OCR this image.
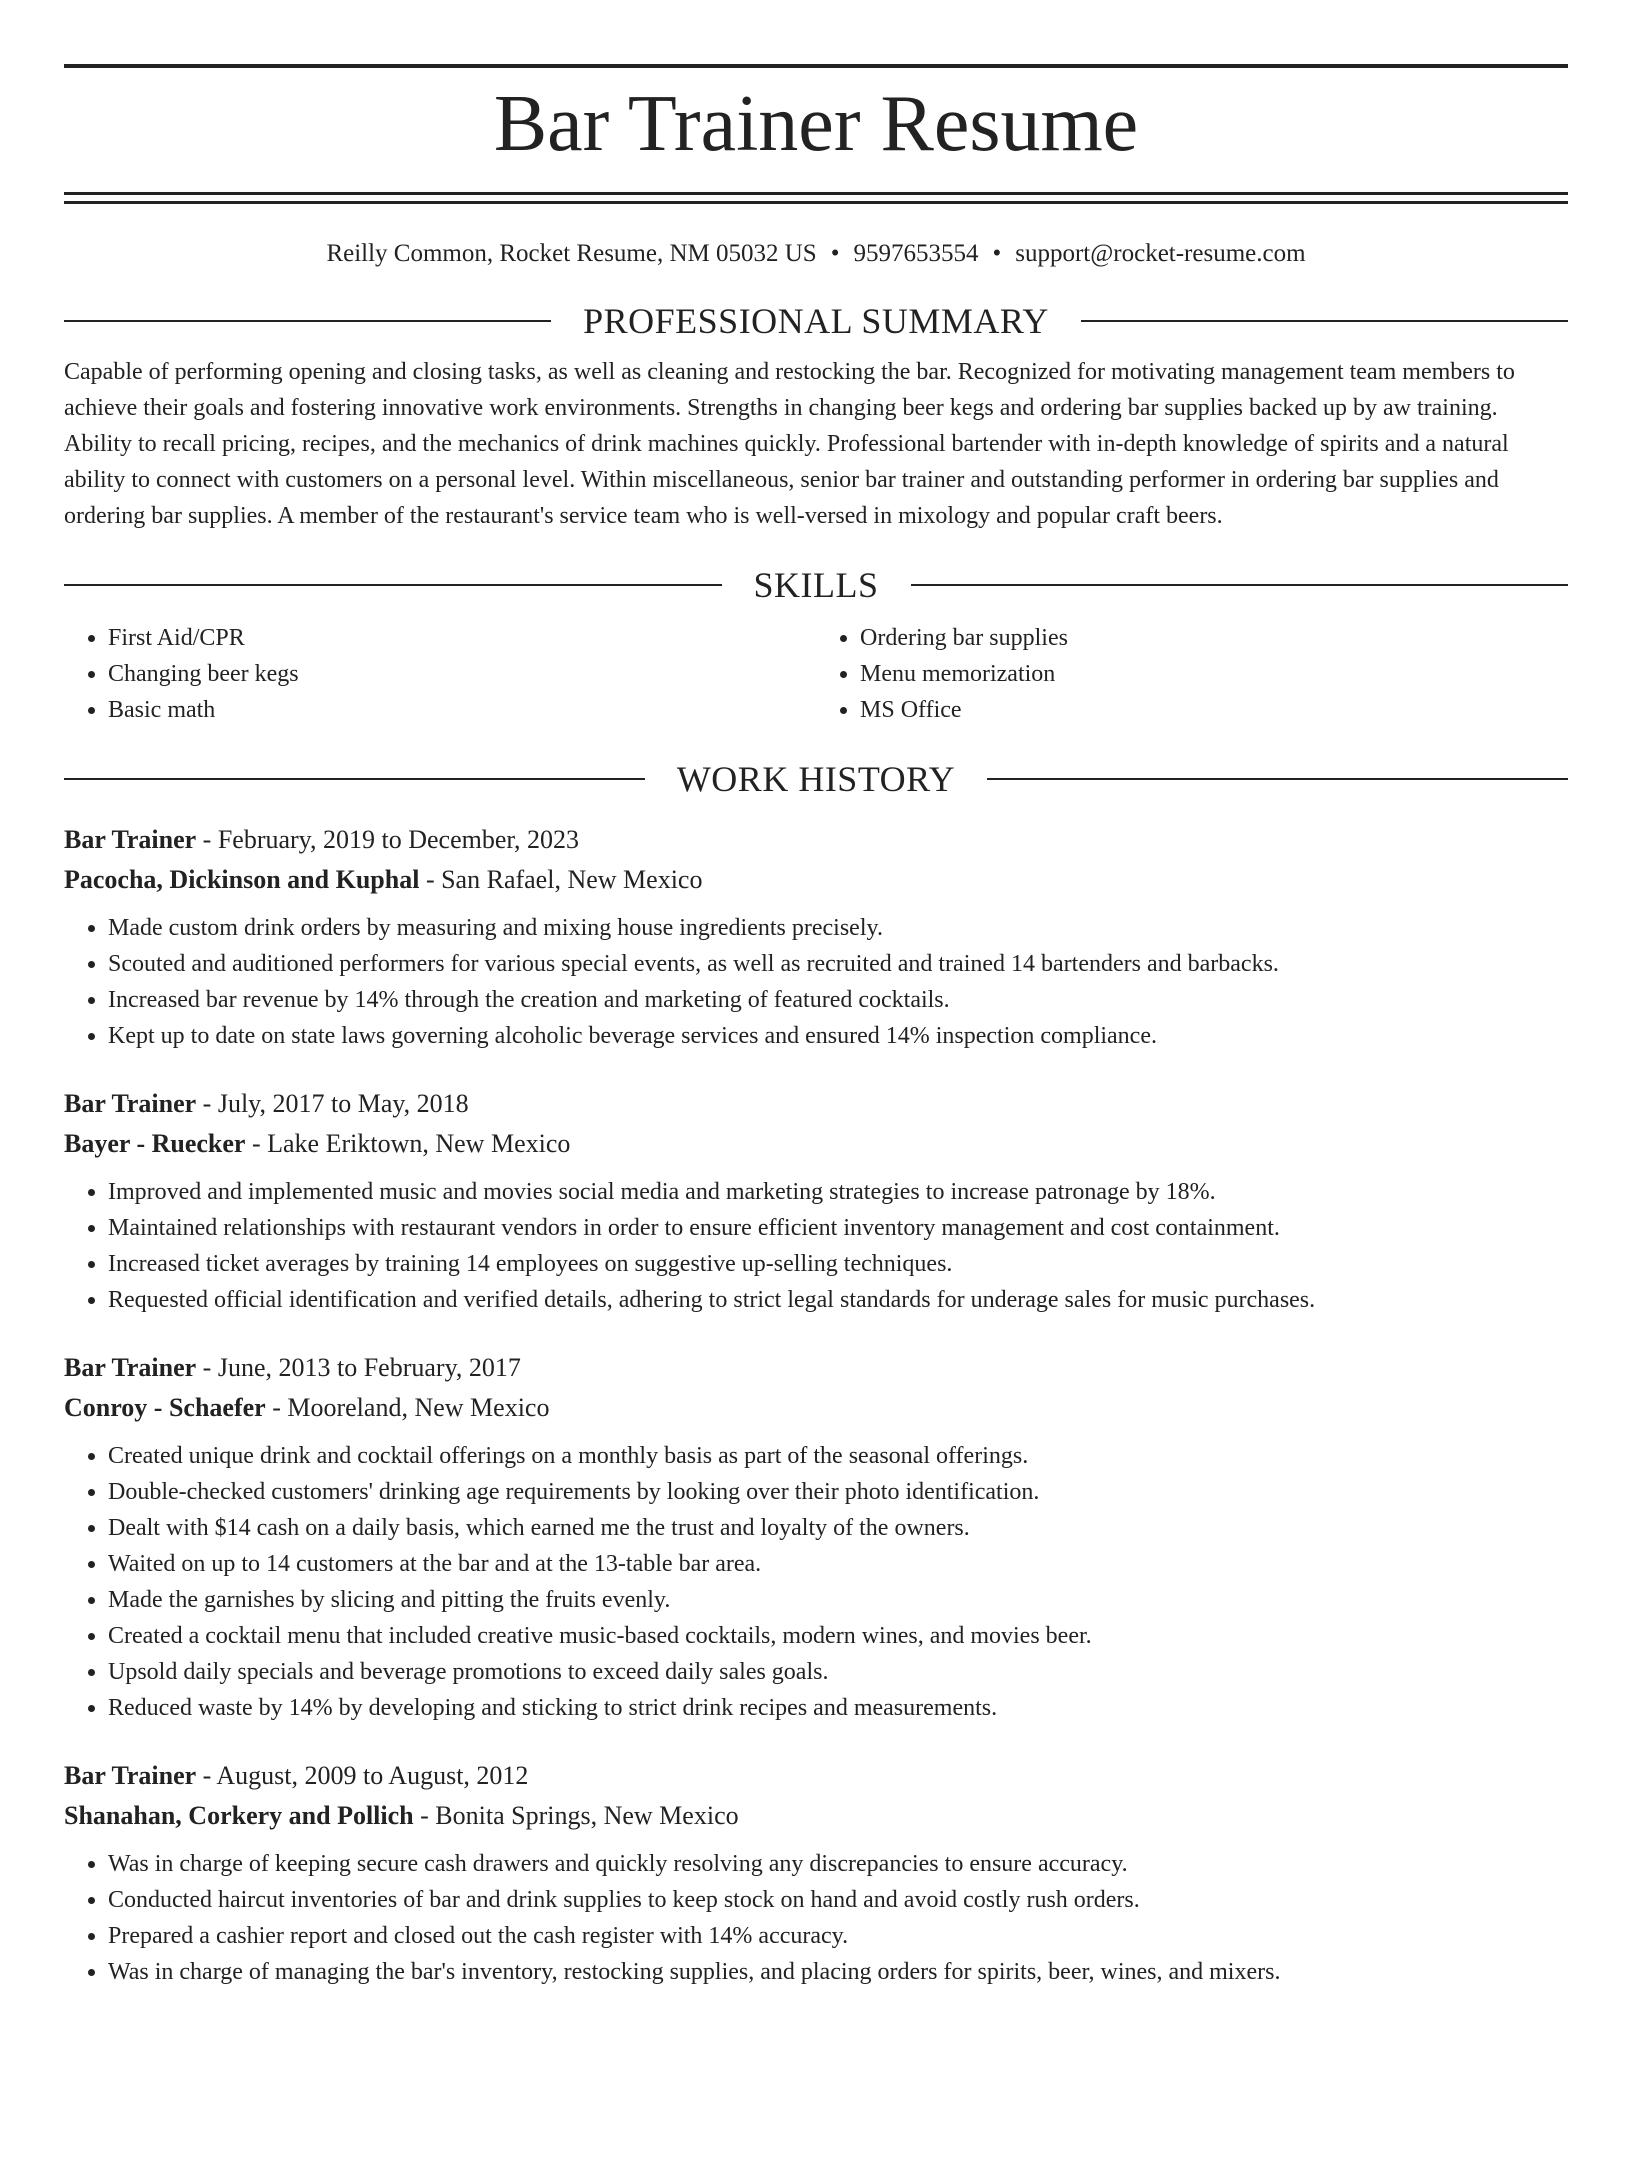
Bar Trainer Resume
Reilly Common, Rocket Resume, NM 05032 US • 9597653554 • support@rocket-resume.com
PROFESSIONAL SUMMARY
Capable of performing opening and closing tasks, as well as cleaning and restocking the bar. Recognized for motivating management team members to achieve their goals and fostering innovative work environments. Strengths in changing beer kegs and ordering bar supplies backed up by aw training. Ability to recall pricing, recipes, and the mechanics of drink machines quickly. Professional bartender with in-depth knowledge of spirits and a natural ability to connect with customers on a personal level. Within miscellaneous, senior bar trainer and outstanding performer in ordering bar supplies and ordering bar supplies. A member of the restaurant's service team who is well-versed in mixology and popular craft beers.
SKILLS
• First Aid/CPR
• Changing beer kegs
• Basic math
• Ordering bar supplies
• Menu memorization
• MS Office
WORK HISTORY
Bar Trainer - February, 2019 to December, 2023
Pacocha, Dickinson and Kuphal - San Rafael, New Mexico
• Made custom drink orders by measuring and mixing house ingredients precisely.
• Scouted and auditioned performers for various special events, as well as recruited and trained 14 bartenders and barbacks.
• Increased bar revenue by 14% through the creation and marketing of featured cocktails.
• Kept up to date on state laws governing alcoholic beverage services and ensured 14% inspection compliance.
Bar Trainer - July, 2017 to May, 2018
Bayer - Ruecker - Lake Eriktown, New Mexico
• Improved and implemented music and movies social media and marketing strategies to increase patronage by 18%.
• Maintained relationships with restaurant vendors in order to ensure efficient inventory management and cost containment.
• Increased ticket averages by training 14 employees on suggestive up-selling techniques.
• Requested official identification and verified details, adhering to strict legal standards for underage sales for music purchases.
Bar Trainer - June, 2013 to February, 2017
Conroy - Schaefer - Mooreland, New Mexico
• Created unique drink and cocktail offerings on a monthly basis as part of the seasonal offerings.
• Double-checked customers' drinking age requirements by looking over their photo identification.
• Dealt with $14 cash on a daily basis, which earned me the trust and loyalty of the owners.
• Waited on up to 14 customers at the bar and at the 13-table bar area.
• Made the garnishes by slicing and pitting the fruits evenly.
• Created a cocktail menu that included creative music-based cocktails, modern wines, and movies beer.
• Upsold daily specials and beverage promotions to exceed daily sales goals.
• Reduced waste by 14% by developing and sticking to strict drink recipes and measurements.
Bar Trainer - August, 2009 to August, 2012
Shanahan, Corkery and Pollich - Bonita Springs, New Mexico
• Was in charge of keeping secure cash drawers and quickly resolving any discrepancies to ensure accuracy.
• Conducted haircut inventories of bar and drink supplies to keep stock on hand and avoid costly rush orders.
• Prepared a cashier report and closed out the cash register with 14% accuracy.
• Was in charge of managing the bar's inventory, restocking supplies, and placing orders for spirits, beer, wines, and mixers.
